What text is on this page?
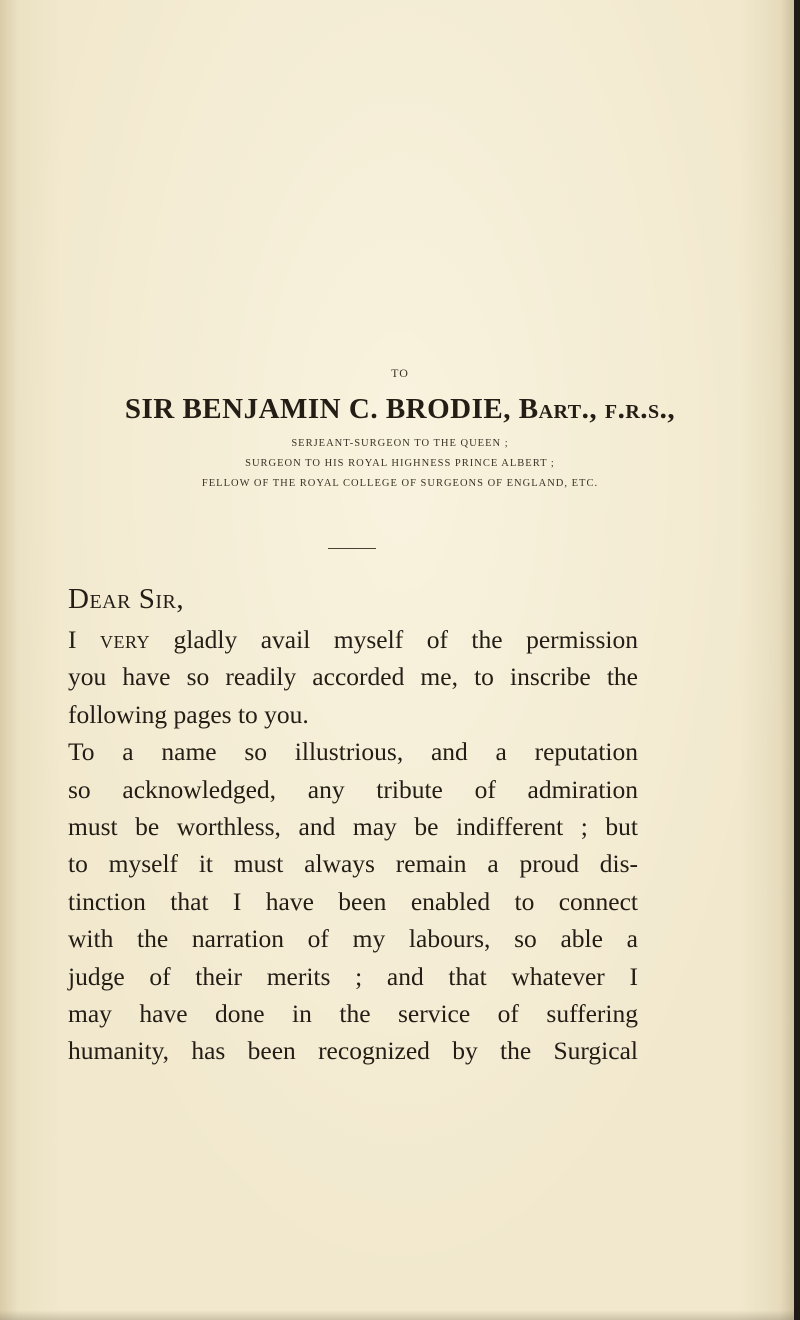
TO
SIR BENJAMIN C. BRODIE, Bart., f.r.s.,
SERJEANT-SURGEON TO THE QUEEN ;
SURGEON TO HIS ROYAL HIGHNESS PRINCE ALBERT ;
FELLOW OF THE ROYAL COLLEGE OF SURGEONS OF ENGLAND, ETC.

Dear Sir,

I very gladly avail myself of the permission
you have so readily accorded me, to inscribe the
following pages to you.
To a name so illustrious, and a reputation
so acknowledged, any tribute of admiration
must be worthless, and may be indifferent ; but
to myself it must always remain a proud dis-
tinction that I have been enabled to connect
with the narration of my labours, so able a
judge of their merits ; and that whatever I
may have done in the service of suffering
humanity, has been recognized by the Surgical
